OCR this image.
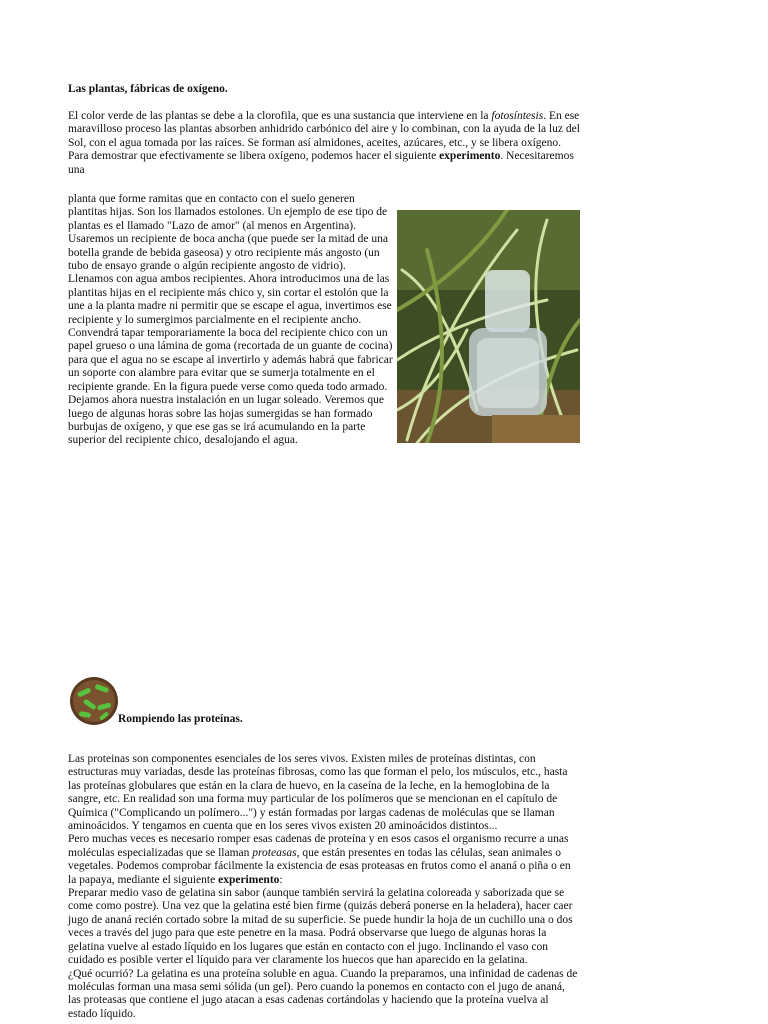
Las plantas, fábricas de oxígeno.

El color verde de las plantas se debe a la clorofila, que es una sustancia que interviene en la fotosíntesis. En ese maravilloso proceso las plantas absorben anhidrido carbónico del aire y lo combinan, con la ayuda de la luz del Sol, con el agua tomada por las raíces. Se forman así almidones, aceites, azúcares, etc., y se libera oxígeno.

Para demostrar que efectivamente se libera oxígeno, podemos hacer el siguiente experimento. Necesitaremos una

planta que forme ramitas que en contacto con el suelo generen plantitas hijas. Son los llamados estolones. Un ejemplo de ese tipo de plantas es el llamado "Lazo de amor" (al menos en Argentina). Usaremos un recipiente de boca ancha (que puede ser la mitad de una botella grande de bebida gaseosa) y otro recipiente más angosto (un tubo de ensayo grande o algún recipiente angosto de vidrio). Llenamos con agua ambos recipientes. Ahora introducimos una de las plantitas hijas en el recipiente más chico y, sin cortar el estolón que la une a la planta madre ni permitir que se escape el agua, invertimos ese recipiente y lo sumergimos parcialmente en el recipiente ancho. Convendrá tapar temporariamente la boca del recipiente chico con un papel grueso o una lámina de goma (recortada de un guante de cocina) para que el agua no se escape al invertirlo y además habrá que fabricar un soporte con alambre para evitar que se sumerja totalmente en el recipiente grande. En la figura puede verse como queda todo armado.

Dejamos ahora nuestra instalación en un lugar soleado. Veremos que luego de algunas horas sobre las hojas sumergidas se han formado burbujas de oxígeno, y que ese gas se irá acumulando en la parte superior del recipiente chico, desalojando el agua.

Rompiendo las proteínas.

Las proteinas son componentes esenciales de los seres vivos. Existen miles de proteínas distintas, con estructuras muy variadas, desde las proteínas fibrosas, como las que forman el pelo, los músculos, etc., hasta las proteínas globulares que están en la clara de huevo, en la caseína de la leche, en la hemoglobina de la sangre, etc. En realidad son una forma muy particular de los polímeros que se mencionan en el capítulo de Química ("Complicando un polímero...") y están formadas por largas cadenas de moléculas que se llaman aminoácidos. Y tengamos en cuenta que en los seres vivos existen 20 aminoácidos distintos...

Pero muchas veces es necesario romper esas cadenas de proteína y en esos casos el organismo recurre a unas moléculas especializadas que se llaman proteasas, que están presentes en todas las células, sean animales o vegetales. Podemos comprobar fácilmente la existencia de esas proteasas en frutos como el ananá o piña o en la papaya, mediante el siguiente experimento:

Preparar medio vaso de gelatina sin sabor (aunque también servirá la gelatina coloreada y saborizada que se come como postre). Una vez que la gelatina esté bien firme (quizás deberá ponerse en la heladera), hacer caer jugo de ananá recién cortado sobre la mitad de su superficie. Se puede hundir la hoja de un cuchillo una o dos veces a través del jugo para que este penetre en la masa. Podrá observarse que luego de algunas horas la gelatina vuelve al estado líquido en los lugares que están en contacto con el jugo. Inclinando el vaso con cuidado es posible verter el líquido para ver claramente los huecos que han aparecido en la gelatina.

¿Qué ocurrió? La gelatina es una proteína soluble en agua. Cuando la preparamos, una infinidad de cadenas de moléculas forman una masa semi sólida (un gel). Pero cuando la ponemos en contacto con el jugo de ananá, las proteasas que contiene el jugo atacan a esas cadenas cortándolas y haciendo que la proteína vuelva al estado líquido.
